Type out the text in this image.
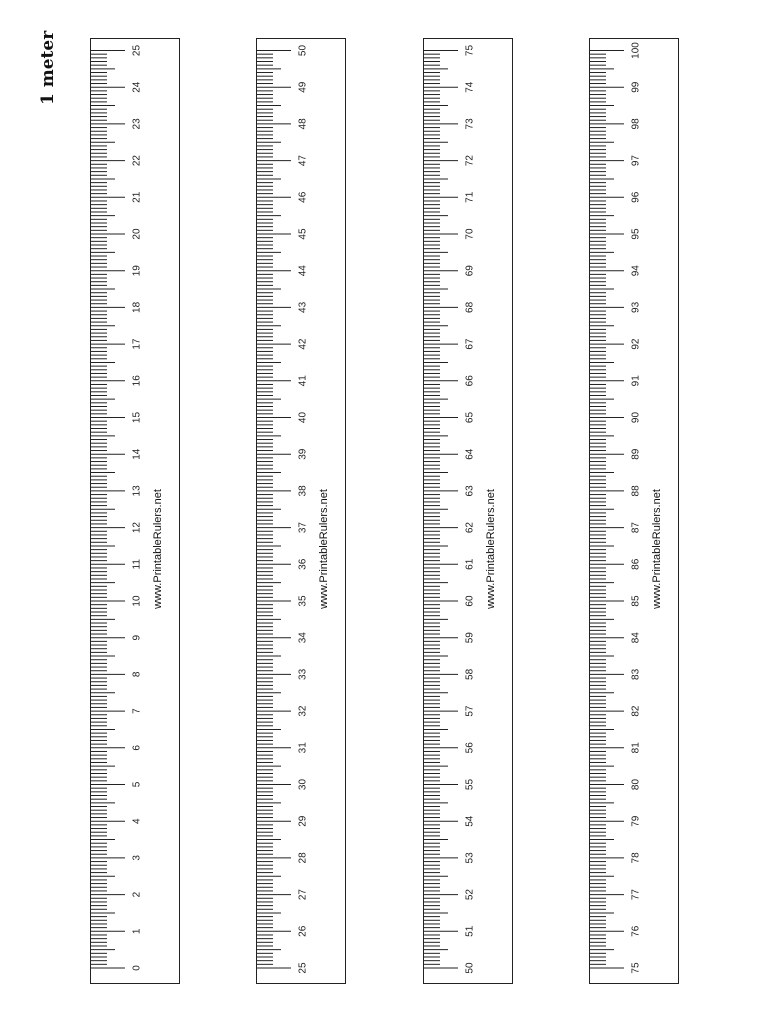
1 meter
0
1
2
3
4
5
6
7
8
9
10
11
12
13
14
15
16
17
18
19
20
21
22
23
24
25
www.PrintableRulers.net
25
26
27
28
29
30
31
32
33
34
35
36
37
38
39
40
41
42
43
44
45
46
47
48
49
50
www.PrintableRulers.net
50
51
52
53
54
55
56
57
58
59
60
61
62
63
64
65
66
67
68
69
70
71
72
73
74
75
www.PrintableRulers.net
75
76
77
78
79
80
81
82
83
84
85
86
87
88
89
90
91
92
93
94
95
96
97
98
99
100
www.PrintableRulers.net
